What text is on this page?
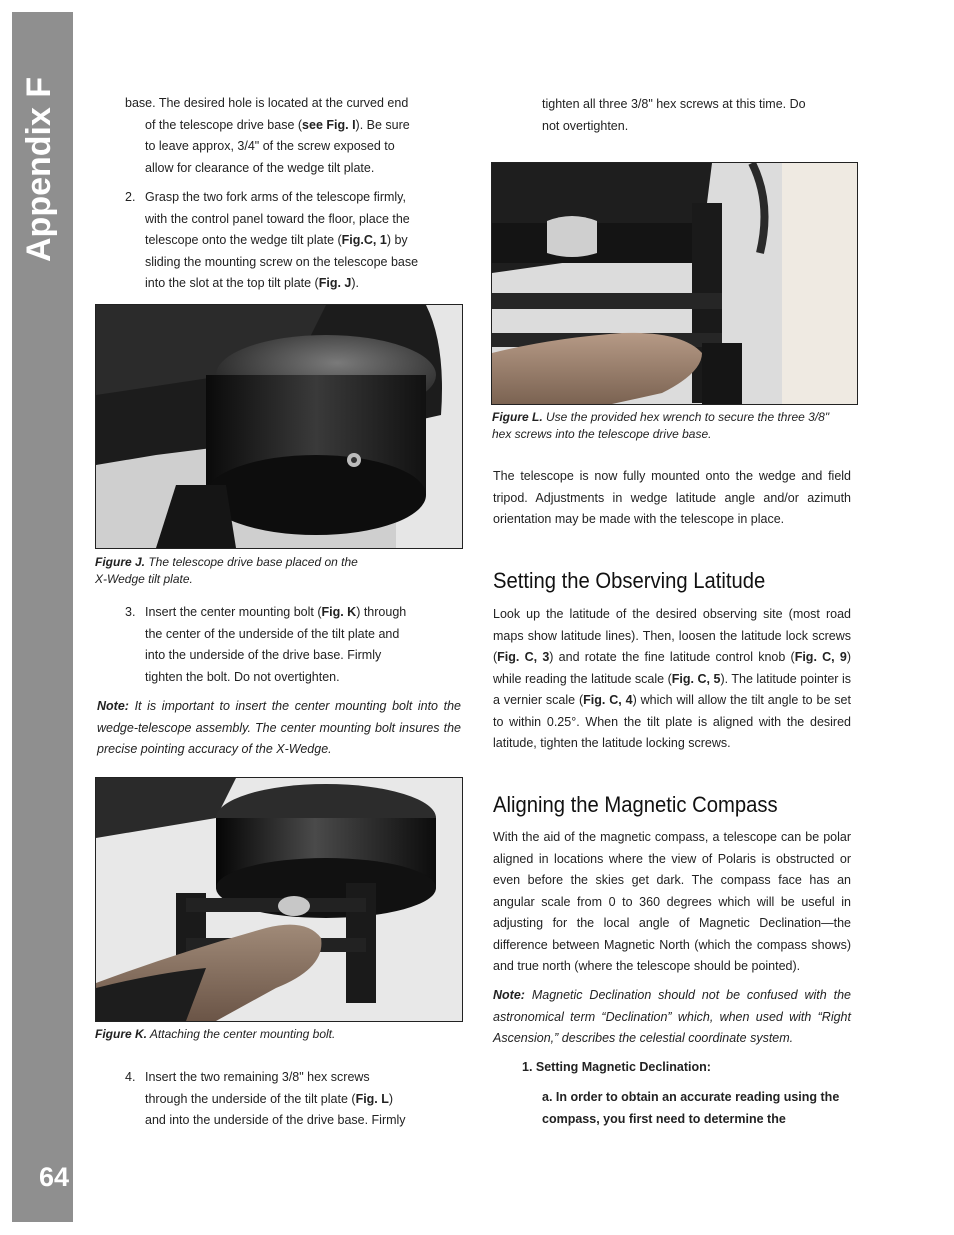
Appendix F
64
base. The desired hole is located at the curved end
of the telescope drive base (see Fig. I). Be sure
to leave approx, 3/4" of the screw exposed to
allow for clearance of the wedge tilt plate.
2. Grasp the two fork arms of the telescope firmly,
with the control panel toward the floor, place the
telescope onto the wedge tilt plate (Fig.C, 1) by
sliding the mounting screw on the telescope base
into the slot at the top tilt plate (Fig. J).
Figure J. The telescope drive base placed on the
X-Wedge tilt plate.
3. Insert the center mounting bolt (Fig. K) through
the center of the underside of the tilt plate and
into the underside of the drive base. Firmly
tighten the bolt. Do not overtighten.
Note: It is important to insert the center mounting bolt into the wedge-telescope assembly. The center mounting bolt insures the precise pointing accuracy of the X-Wedge.
Figure K. Attaching the center mounting bolt.
4. Insert the two remaining 3/8" hex screws
through the underside of the tilt plate (Fig. L)
and into the underside of the drive base. Firmly
tighten all three 3/8" hex screws at this time. Do
not overtighten.
Figure L. Use the provided hex wrench to secure the three 3/8"
hex screws into the telescope drive base.
The telescope is now fully mounted onto the wedge and field tripod. Adjustments in wedge latitude angle and/or azimuth orientation may be made with the telescope in place.
Setting the Observing Latitude
Look up the latitude of the desired observing site (most road maps show latitude lines). Then, loosen the latitude lock screws (Fig. C, 3) and rotate the fine latitude control knob (Fig. C, 9) while reading the latitude scale (Fig. C, 5). The latitude pointer is a vernier scale (Fig. C, 4) which will allow the tilt angle to be set to within 0.25°. When the tilt plate is aligned with the desired latitude, tighten the latitude locking screws.
Aligning the Magnetic Compass
With the aid of the magnetic compass, a telescope can be polar aligned in locations where the view of Polaris is obstructed or even before the skies get dark. The compass face has an angular scale from 0 to 360 degrees which will be useful in adjusting for the local angle of Magnetic Declination—the difference between Magnetic North (which the compass shows) and true north (where the telescope should be pointed).
Note: Magnetic Declination should not be confused with the astronomical term “Declination” which, when used with “Right Ascension,” describes the celestial coordinate system.
1. Setting Magnetic Declination:
a. In order to obtain an accurate reading using the
compass, you first need to determine the
